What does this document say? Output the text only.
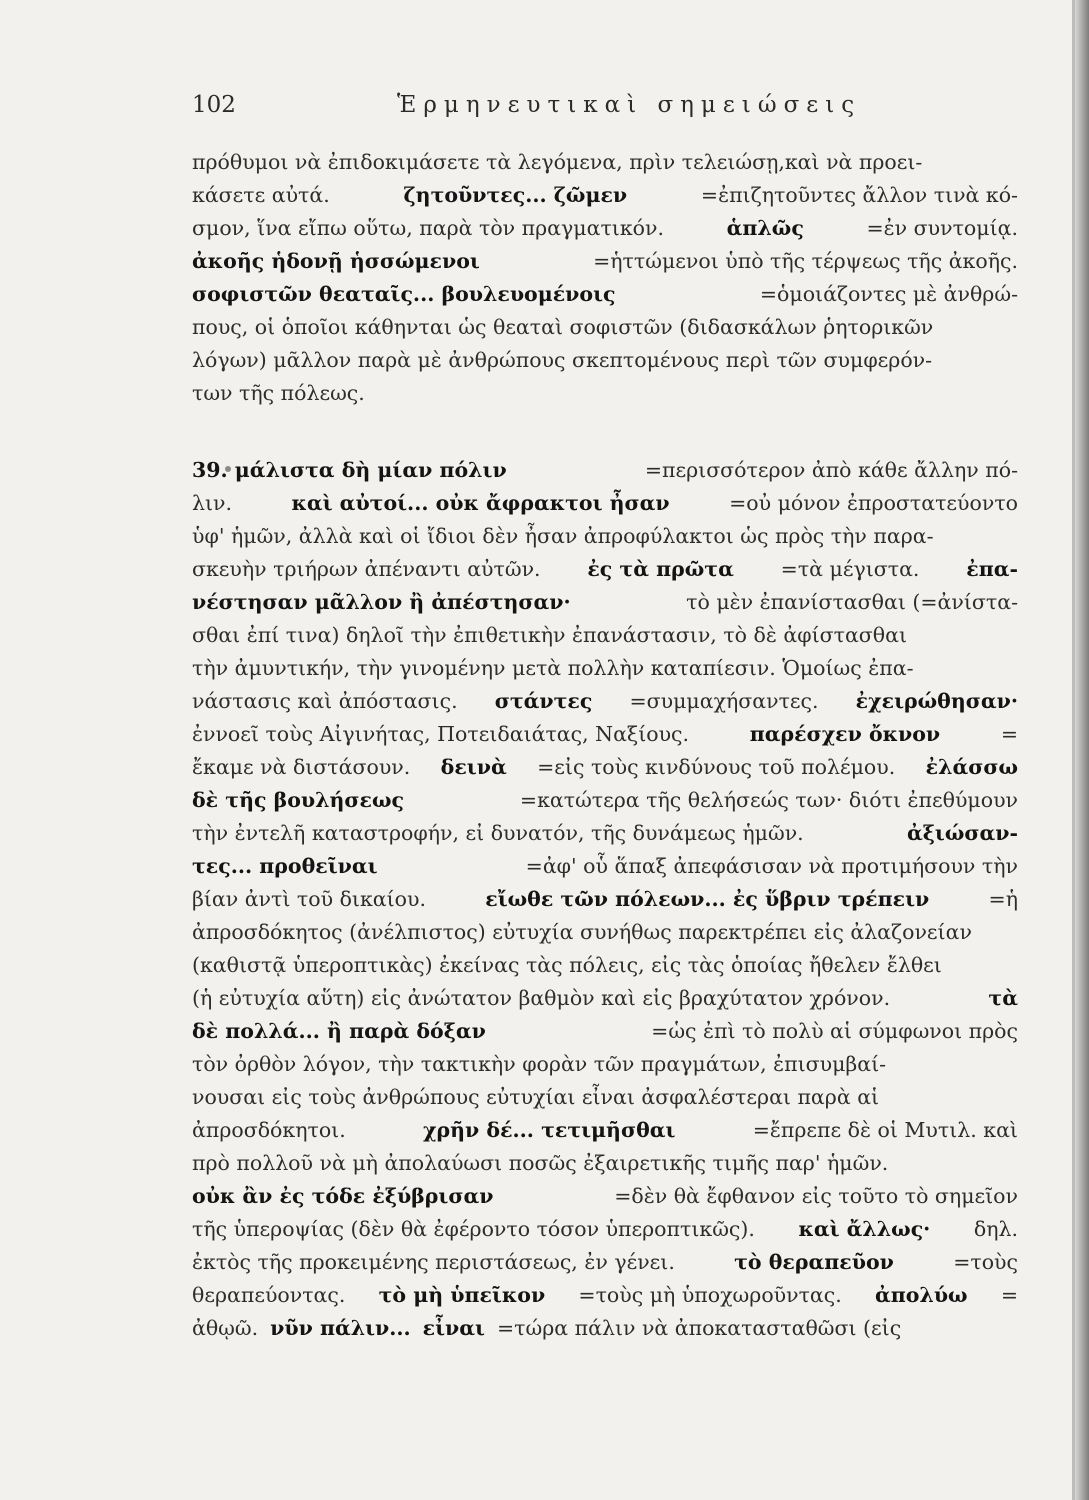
102	Ἑρμηνευτικαὶ σημειώσεις
πρόθυμοι νὰ ἐπιδοκιμάσετε τὰ λεγόμενα, πρὶν τελειώσῃ,καὶ νὰ προει-
κάσετε αὐτά.	ζητοῦντες... ζῶμεν	=ἐπιζητοῦντες ἄλλον τινὰ κό-
σμον, ἵνα εἴπω οὕτω, παρὰ τὸν πραγματικόν.	ἁπλῶς	=ἐν συντομίᾳ.
ἀκοῆς ἡδονῇ ἡσσώμενοι	=ἡττώμενοι ὑπὸ τῆς τέρψεως τῆς ἀκοῆς.
σοφιστῶν θεαταῖς... βουλευομένοις	=ὁμοιάζοντες μὲ ἀνθρώ-
πους, οἱ ὁποῖοι κάθηνται ὡς θεαταὶ σοφιστῶν (διδασκάλων ῥητορικῶν
λόγων) μᾶλλον παρὰ μὲ ἀνθρώπους σκεπτομένους περὶ τῶν συμφερόν-
των τῆς πόλεως.
39. μάλιστα δὴ μίαν πόλιν	=περισσότερον ἀπὸ κάθε ἄλλην πό-
λιν.	καὶ αὐτοί... οὐκ ἄφρακτοι ἦσαν	=οὐ μόνον ἐπροστατεύοντο
ὑφ' ἡμῶν, ἀλλὰ καὶ οἱ ἴδιοι δὲν ἦσαν ἀπροφύλακτοι ὡς πρὸς τὴν παρα-
σκευὴν τριήρων ἀπέναντι αὐτῶν. ἐς τὰ πρῶτα =τὰ μέγιστα. ἐπα-
νέστησαν μᾶλλον ἢ ἀπέστησαν·	τὸ μὲν ἐπανίστασθαι (=ἀνίστα-
σθαι ἐπί τινα) δηλοῖ τὴν ἐπιθετικὴν ἐπανάστασιν, τὸ δὲ ἀφίστασθαι
τὴν ἀμυντικήν, τὴν γινομένην μετὰ πολλὴν καταπίεσιν. Ὁμοίως ἐπα-
νάστασις καὶ ἀπόστασις. στάντες =συμμαχήσαντες. ἐχειρώθησαν·
ἐννοεῖ τοὺς Αἰγινήτας, Ποτειδαιάτας, Ναξίους.	παρέσχεν ὄκνον	=
ἔκαμε νὰ διστάσουν. δεινὰ =εἰς τοὺς κινδύνους τοῦ πολέμου. ἐλάσσω
δὲ τῆς βουλήσεως	=κατώτερα τῆς θελήσεώς των· διότι ἐπεθύμουν
τὴν ἐντελῆ καταστροφήν, εἰ δυνατόν, τῆς δυνάμεως ἡμῶν.	ἀξιώσαν-
τες... προθεῖναι	=ἀφ' οὗ ἅπαξ ἀπεφάσισαν νὰ προτιμήσουν τὴν
βίαν ἀντὶ τοῦ δικαίου.	εἴωθε τῶν πόλεων... ἐς ὕβριν τρέπειν	=ἡ
ἀπροσδόκητος (ἀνέλπιστος) εὐτυχία συνήθως παρεκτρέπει εἰς ἀλαζονείαν
(καθιστᾷ ὑπεροπτικὰς) ἐκείνας τὰς πόλεις, εἰς τὰς ὁποίας ἤθελεν ἔλθει
(ἡ εὐτυχία αὕτη) εἰς ἀνώτατον βαθμὸν καὶ εἰς βραχύτατον χρόνον.	τὰ
δὲ πολλά... ἢ παρὰ δόξαν	=ὡς ἐπὶ τὸ πολὺ αἱ σύμφωνοι πρὸς
τὸν ὀρθὸν λόγον, τὴν τακτικὴν φορὰν τῶν πραγμάτων, ἐπισυμβαί-
νουσαι εἰς τοὺς ἀνθρώπους εὐτυχίαι εἶναι ἀσφαλέστεραι παρὰ αἱ
ἀπροσδόκητοι.	χρῆν δέ... τετιμῆσθαι	=ἔπρεπε δὲ οἱ Μυτιλ. καὶ
πρὸ πολλοῦ νὰ μὴ ἀπολαύωσι ποσῶς ἐξαιρετικῆς τιμῆς παρ' ἡμῶν.
οὐκ ἂν ἐς τόδε ἐξύβρισαν	=δὲν θὰ ἔφθανον εἰς τοῦτο τὸ σημεῖον
τῆς ὑπεροψίας (δὲν θὰ ἐφέροντο τόσον ὑπεροπτικῶς). καὶ ἄλλως· δηλ.
ἐκτὸς τῆς προκειμένης περιστάσεως, ἐν γένει.	τὸ θεραπεῦον	=τοὺς
θεραπεύοντας. τὸ μὴ ὑπεῖκον =τοὺς μὴ ὑποχωροῦντας. ἀπολύω =
ἀθῳῶ. νῦν πάλιν... εἶναι =τώρα πάλιν νὰ ἀποκατασταθῶσι (εἰς
